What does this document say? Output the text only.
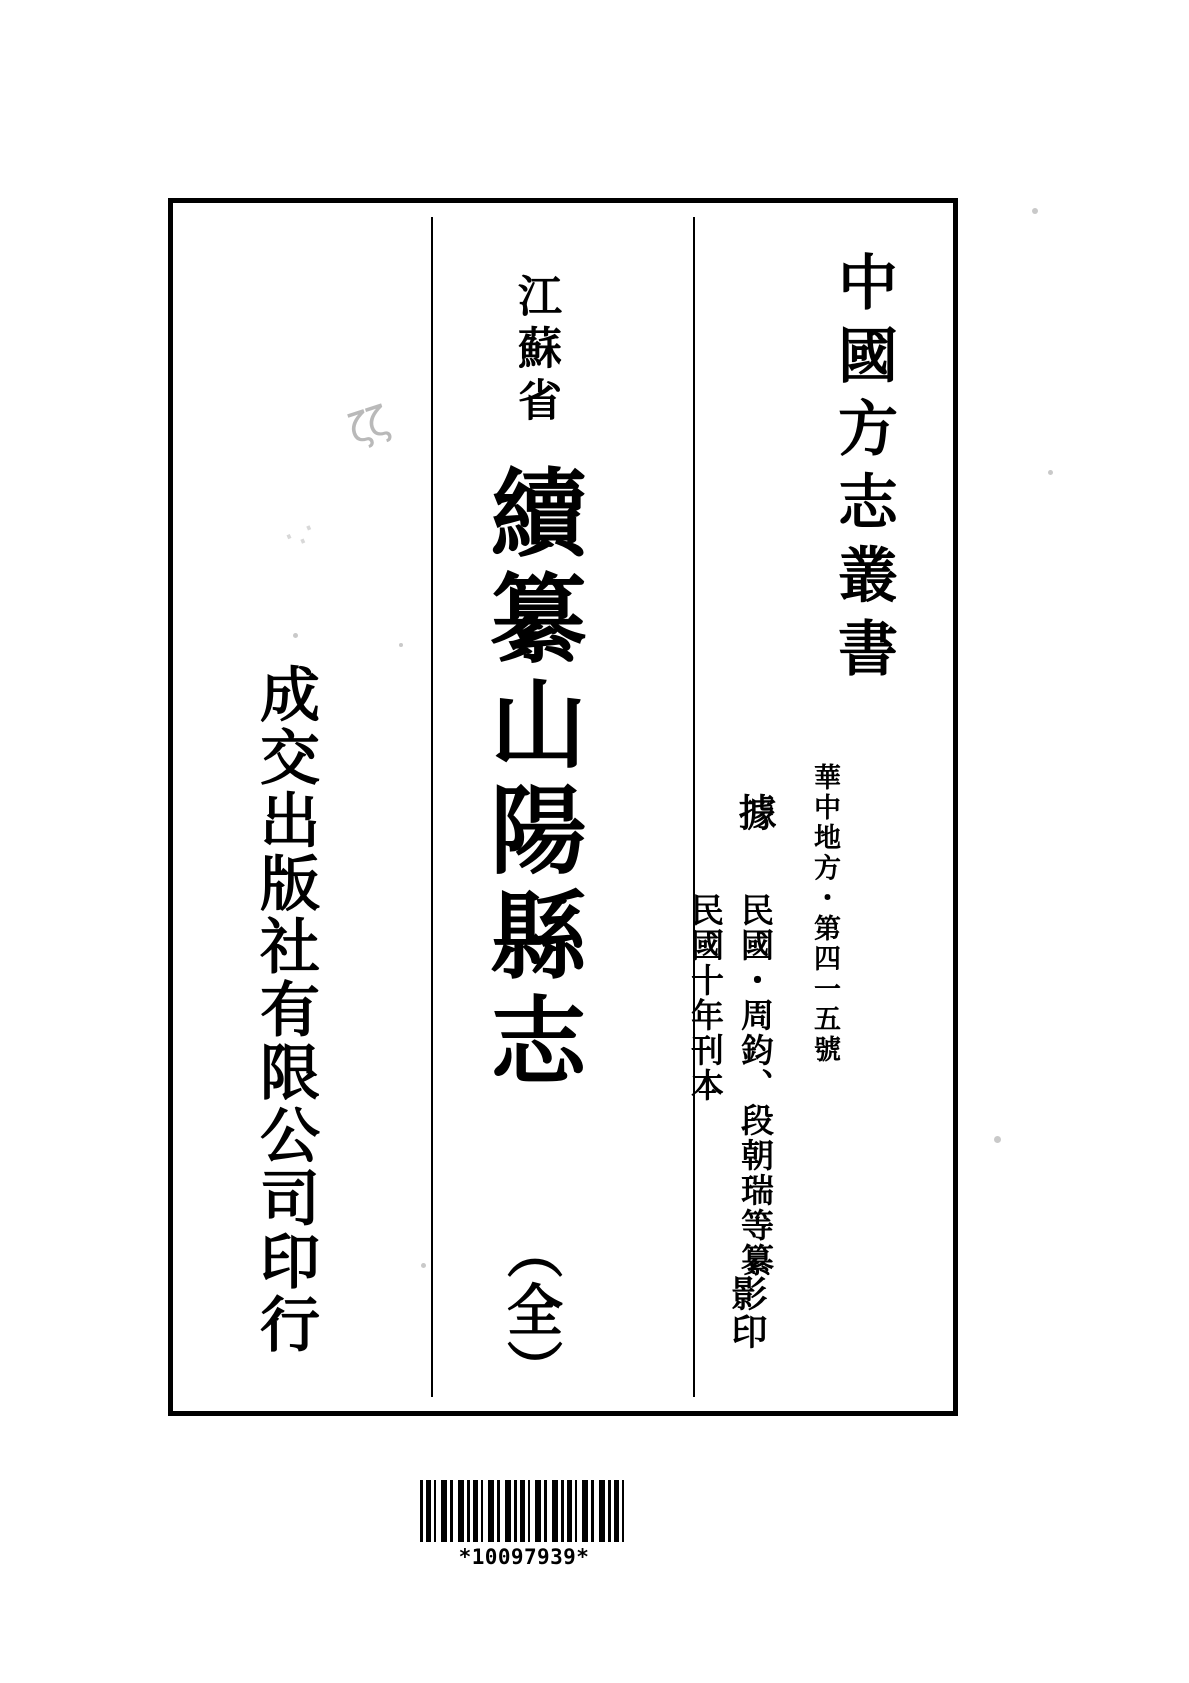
中國方志叢書
華中地方・第四一五號
據
民國・周鈞、段朝瑞等纂
民國十年刊本
影印
江蘇省
續纂山陽縣志
（全）
成交出版社有限公司印行
ζζ
·.·
*10097939*
